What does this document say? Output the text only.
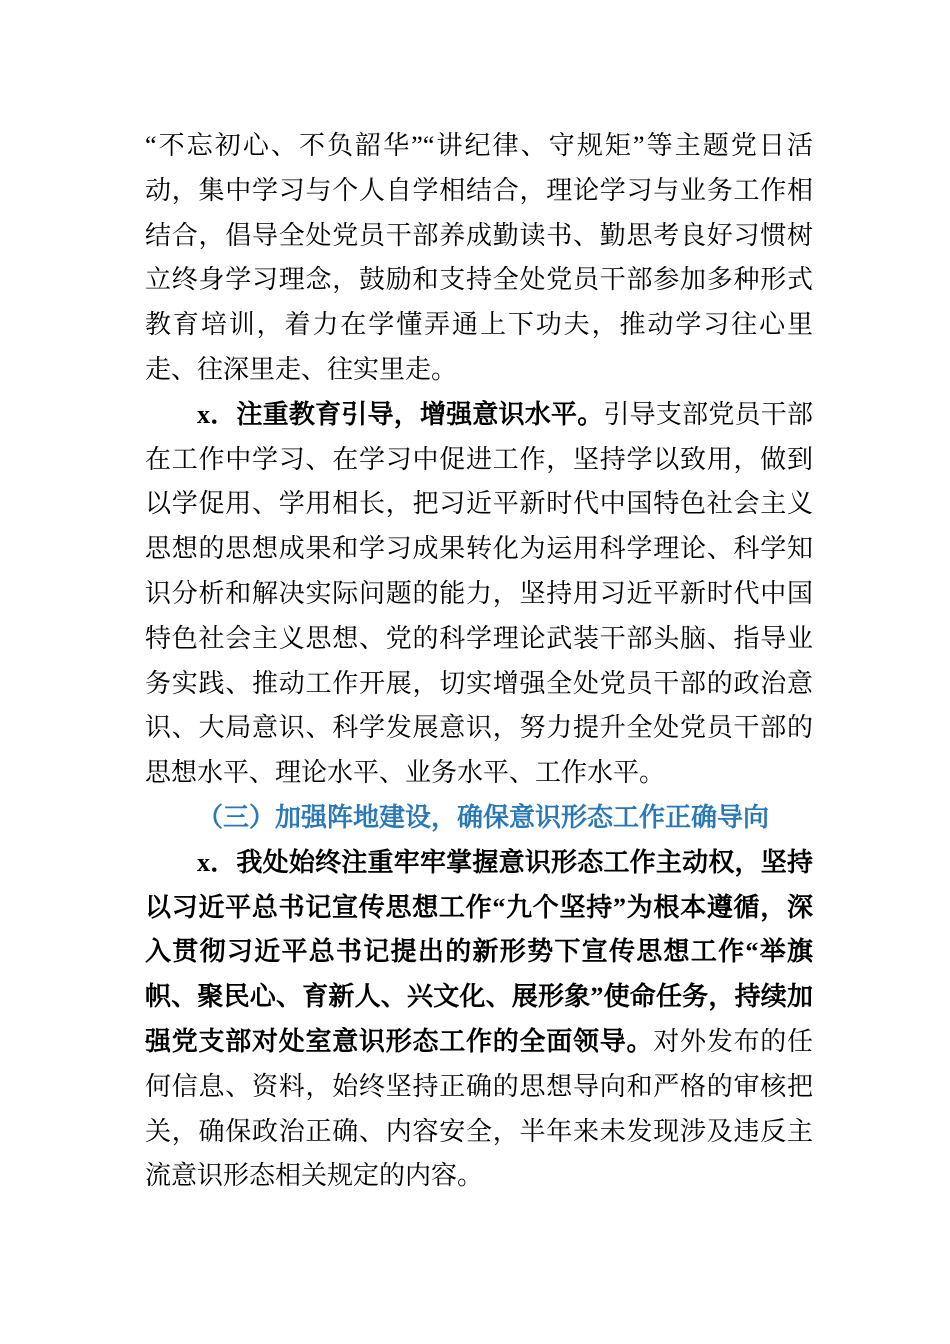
“不忘初心、不负韶华”“讲纪律、守规矩”等主题党日活动，集中学习与个人自学相结合，理论学习与业务工作相结合，倡导全处党员干部养成勤读书、勤思考良好习惯树立终身学习理念，鼓励和支持全处党员干部参加多种形式教育培训，着力在学懂弄通上下功夫，推动学习往心里走、往深里走、往实里走。

x．注重教育引导，增强意识水平。引导支部党员干部在工作中学习、在学习中促进工作，坚持学以致用，做到以学促用、学用相长，把习近平新时代中国特色社会主义思想的思想成果和学习成果转化为运用科学理论、科学知识分析和解决实际问题的能力，坚持用习近平新时代中国特色社会主义思想、党的科学理论武装干部头脑、指导业务实践、推动工作开展，切实增强全处党员干部的政治意识、大局意识、科学发展意识，努力提升全处党员干部的思想水平、理论水平、业务水平、工作水平。

（三）加强阵地建设，确保意识形态工作正确导向

x．我处始终注重牢牢掌握意识形态工作主动权，坚持以习近平总书记宣传思想工作“九个坚持”为根本遵循，深入贯彻习近平总书记提出的新形势下宣传思想工作“举旗帜、聚民心、育新人、兴文化、展形象”使命任务，持续加强党支部对处室意识形态工作的全面领导。对外发布的任何信息、资料，始终坚持正确的思想导向和严格的审核把关，确保政治正确、内容安全，半年来未发现涉及违反主流意识形态相关规定的内容。
